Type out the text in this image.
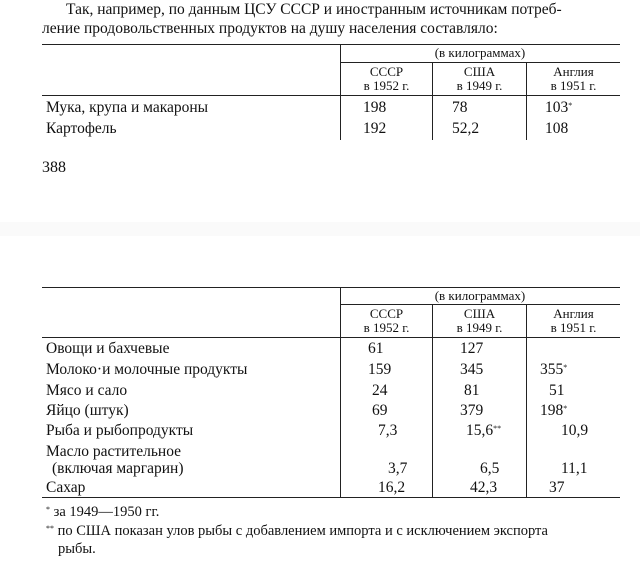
Так, например, по данным ЦСУ СССР и иностранным источникам потреб-
ление продовольственных продуктов на душу населения составляло:
(в килограммах)
СССР
в 1952 г.
США
в 1949 г.
Англия
в 1951 г.
Мука, крупа и макароны	198	78	103*
Картофель	192	52,2	108
388
(в килограммах)
СССР
в 1952 г.
США
в 1949 г.
Англия
в 1951 г.
Овощи и бахчевые	61	127
Молоко·и молочные продукты	159	345	355*
Мясо и сало	24	81	51
Яйцо (штук)	69	379	198*
Рыба и рыбопродукты	7,3	15,6**	10,9
Масло растительное
(включая маргарин)	3,7	6,5	11,1
Сахар	16,2	42,3	37
* за 1949—1950 гг.
** по США показан улов рыбы с добавлением импорта и с исключением экспорта
рыбы.
